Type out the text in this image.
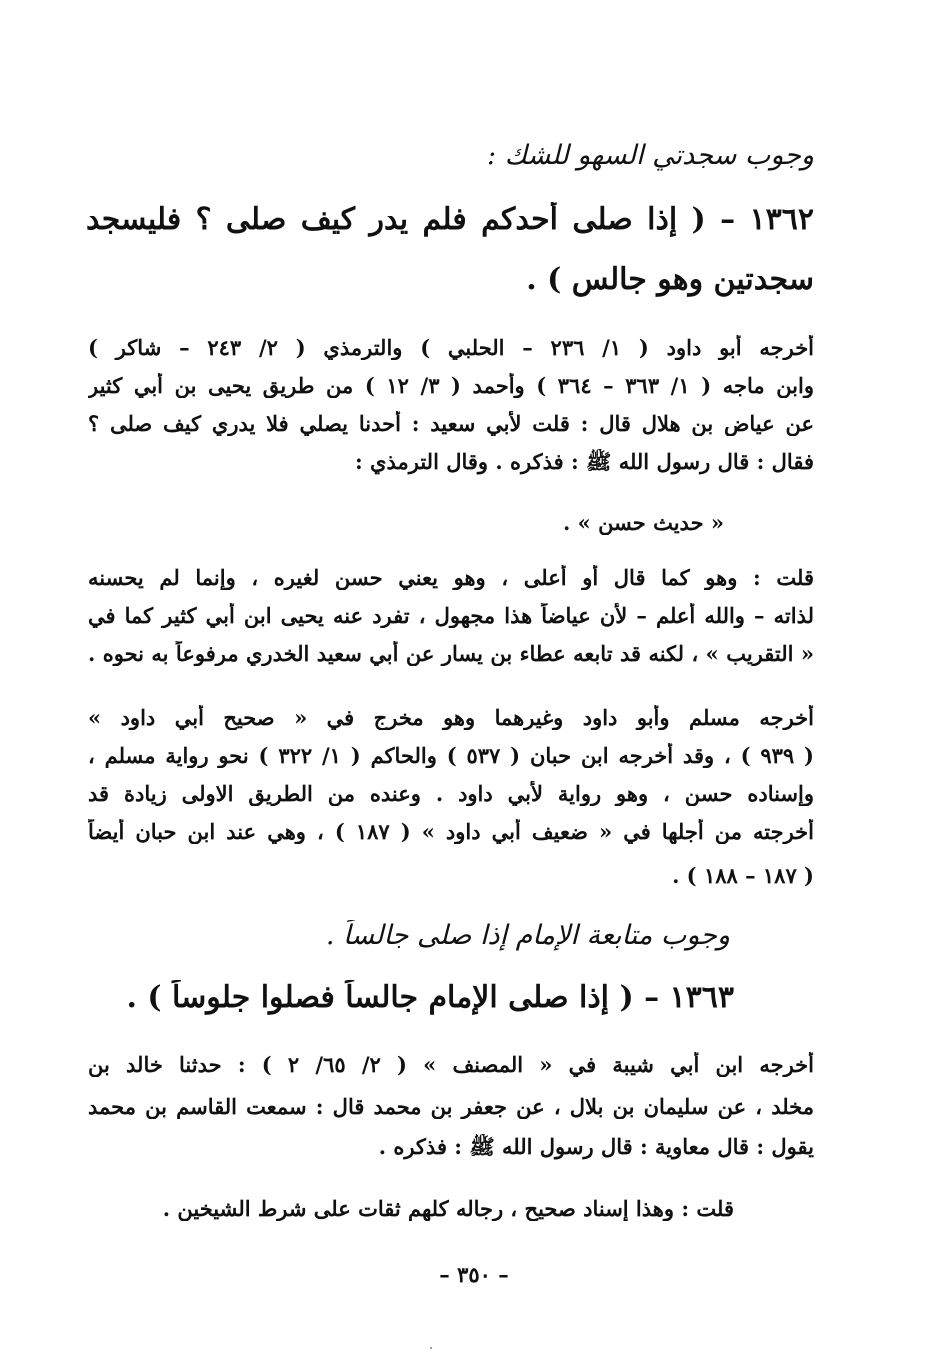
وجوب سجدتي السهو للشك :
١٣٦٢ – ( إذا صلى أحدكم فلم يدر كيف صلى ؟ فليسجد
سجدتين وهو جالس ) .
أخرجه أبو داود ( ١/ ٢٣٦ – الحلبي ) والترمذي ( ٢/ ٢٤٣ – شاكر )
وابن ماجه ( ١/ ٣٦٣ – ٣٦٤ ) وأحمد ( ٣/ ١٢ ) من طريق يحيى بن أبي كثير
عن عياض بن هلال قال : قلت لأبي سعيد : أحدنا يصلي فلا يدري كيف صلى ؟
فقال : قال رسول الله ﷺ : فذكره . وقال الترمذي :
« حديث حسن » .
قلت : وهو كما قال أو أعلى ، وهو يعني حسن لغيره ، وإنما لم يحسنه
لذاته – والله أعلم – لأن عياضاً هذا مجهول ، تفرد عنه يحيى ابن أبي كثير كما في
« التقريب » ، لكنه قد تابعه عطاء بن يسار عن أبي سعيد الخدري مرفوعاً به نحوه .
أخرجه مسلم وأبو داود وغيرهما وهو مخرج في « صحيح أبي داود »
( ٩٣٩ ) ، وقد أخرجه ابن حبان ( ٥٣٧ ) والحاكم ( ١/ ٣٢٢ ) نحو رواية مسلم ،
وإسناده حسن ، وهو رواية لأبي داود . وعنده من الطريق الاولى زيادة قد
أخرجته من أجلها في « ضعيف أبي داود » ( ١٨٧ ) ، وهي عند ابن حبان أيضاً
( ١٨٧ – ١٨٨ ) .
وجوب متابعة الإمام إذا صلى جالساً .
١٣٦٣ – ( إذا صلى الإمام جالساً فصلوا جلوساً ) .
أخرجه ابن أبي شيبة في « المصنف » ( ٢/ ٦٥/ ٢ ) : حدثنا خالد بن
مخلد ، عن سليمان بن بلال ، عن جعفر بن محمد قال : سمعت القاسم بن محمد
يقول : قال معاوية : قال رسول الله ﷺ : فذكره .
قلت : وهذا إسناد صحيح ، رجاله كلهم ثقات على شرط الشيخين .
– ٣٥٠ –
